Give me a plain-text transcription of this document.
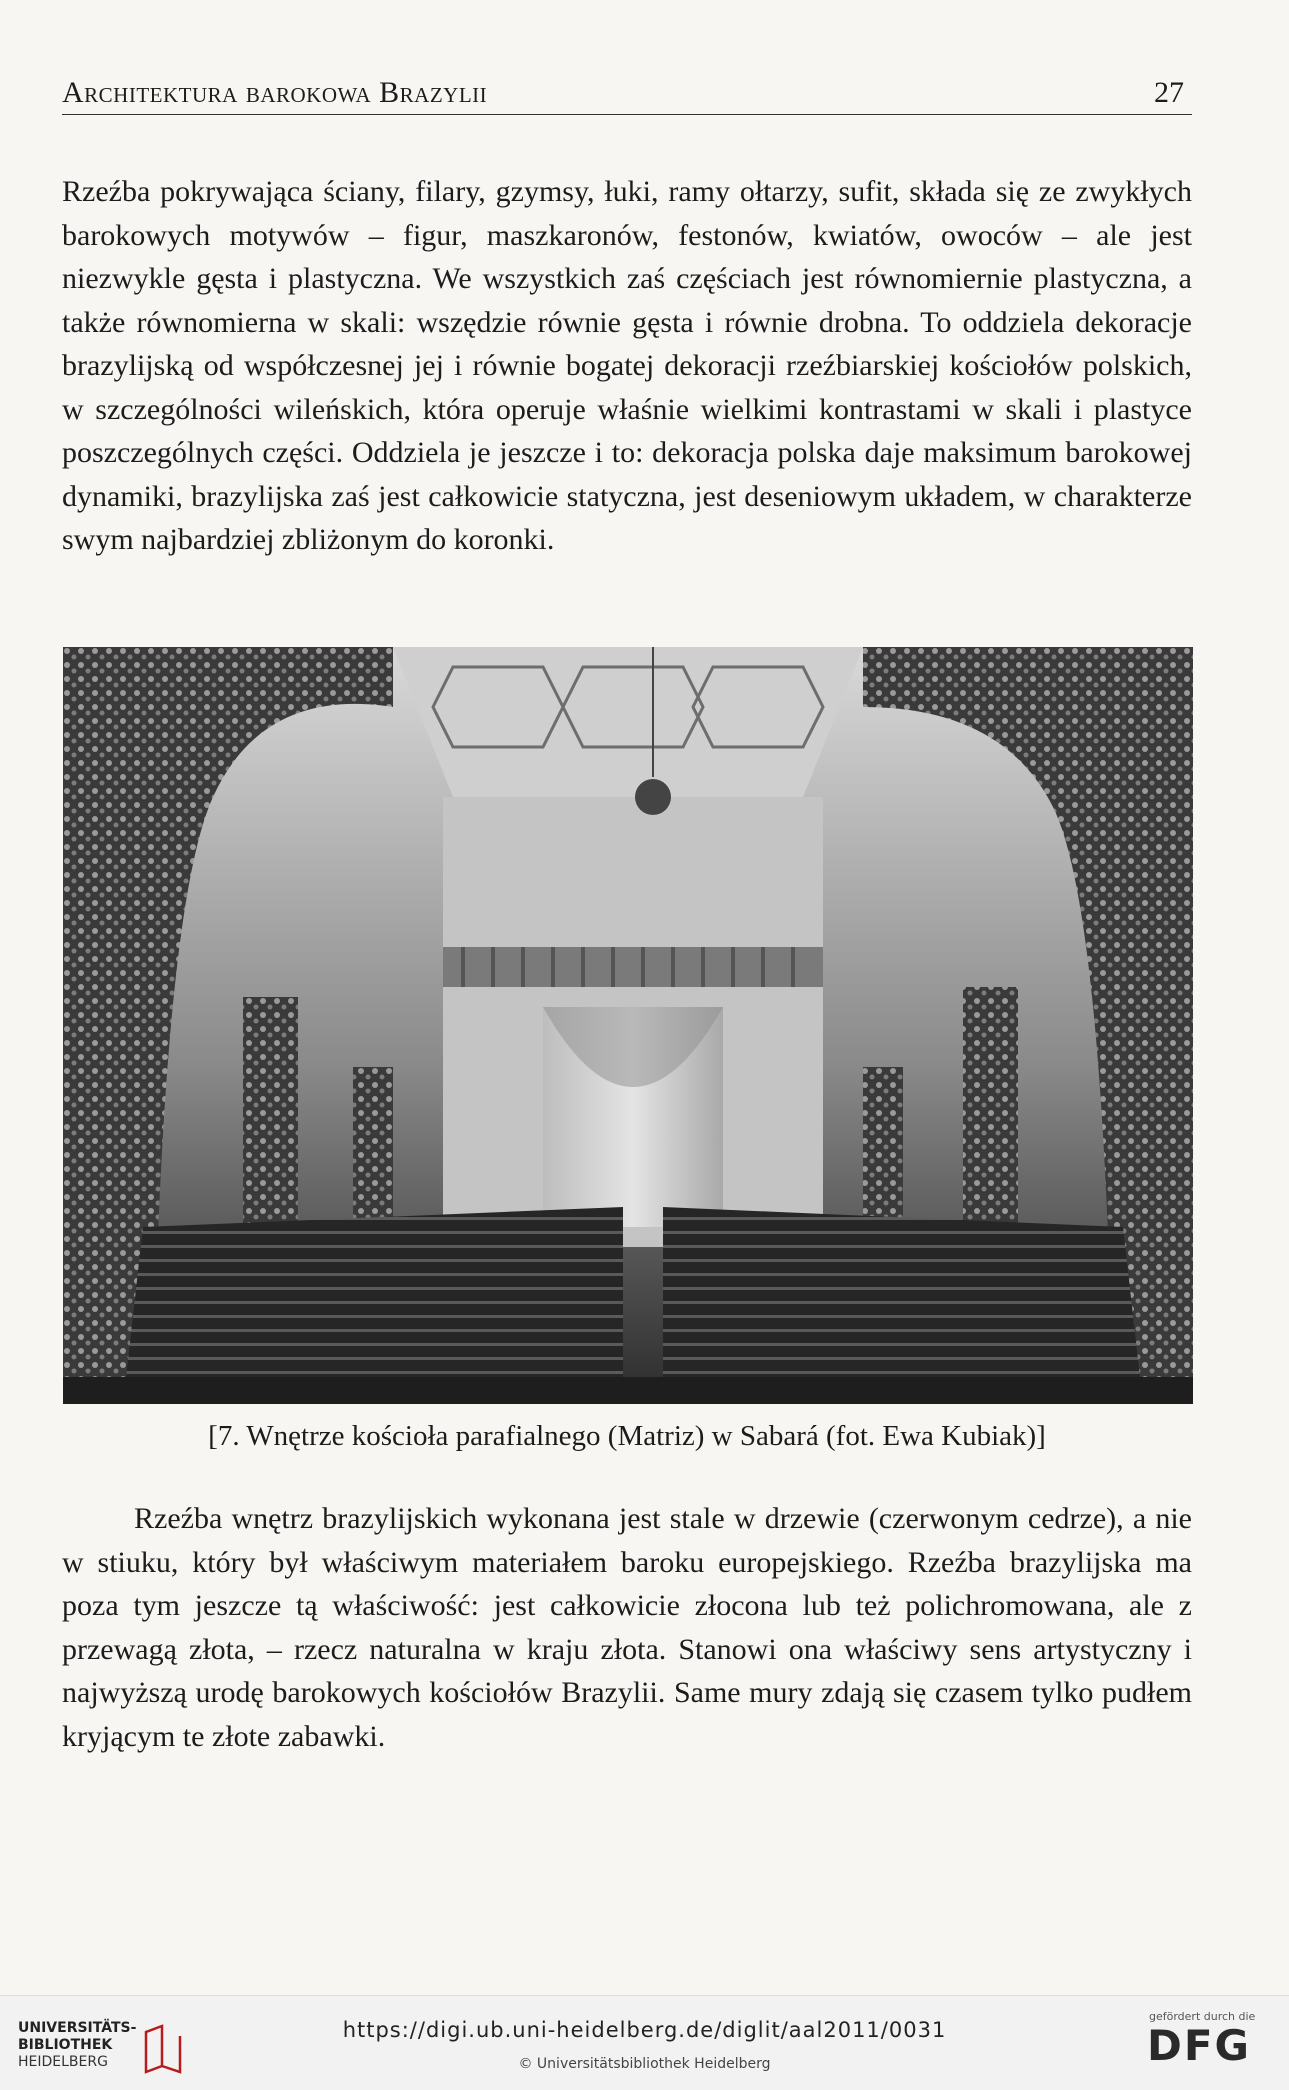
Architektura barokowa Brazylii	27

Rzeźba pokrywająca ściany, filary, gzymsy, łuki, ramy ołtarzy, sufit, składa się ze zwykłych barokowych motywów – figur, maszkaronów, festonów, kwiatów, owoców – ale jest niezwykle gęsta i plastyczna. We wszystkich zaś częściach jest równomiernie plastyczna, a także równomierna w skali: wszędzie równie gęsta i równie drobna. To oddziela dekoracje brazylijską od współczesnej jej i równie bogatej dekoracji rzeźbiarskiej kościołów polskich, w szczególności wileńskich, która operuje właśnie wielkimi kontrastami w skali i plastyce poszczególnych części. Oddziela je jeszcze i to: dekoracja polska daje maksimum barokowej dynamiki, brazylijska zaś jest całkowicie statyczna, jest deseniowym układem, w charakterze swym najbardziej zbliżonym do koronki.

[7. Wnętrze kościoła parafialnego (Matriz) w Sabará (fot. Ewa Kubiak)]

Rzeźba wnętrz brazylijskich wykonana jest stale w drzewie (czerwonym cedrze), a nie w stiuku, który był właściwym materiałem baroku europejskiego. Rzeźba brazylijska ma poza tym jeszcze tą właściwość: jest całkowicie złocona lub też polichromowana, ale z przewagą złota, – rzecz naturalna w kraju złota. Stanowi ona właściwy sens artystyczny i najwyższą urodę barokowych kościołów Brazylii. Same mury zdają się czasem tylko pudłem kryjącym te złote zabawki.

UNIVERSITÄTS-
BIBLIOTHEK
HEIDELBERG
https://digi.ub.uni-heidelberg.de/diglit/aal2011/0031
© Universitätsbibliothek Heidelberg
gefördert durch die
DFG
